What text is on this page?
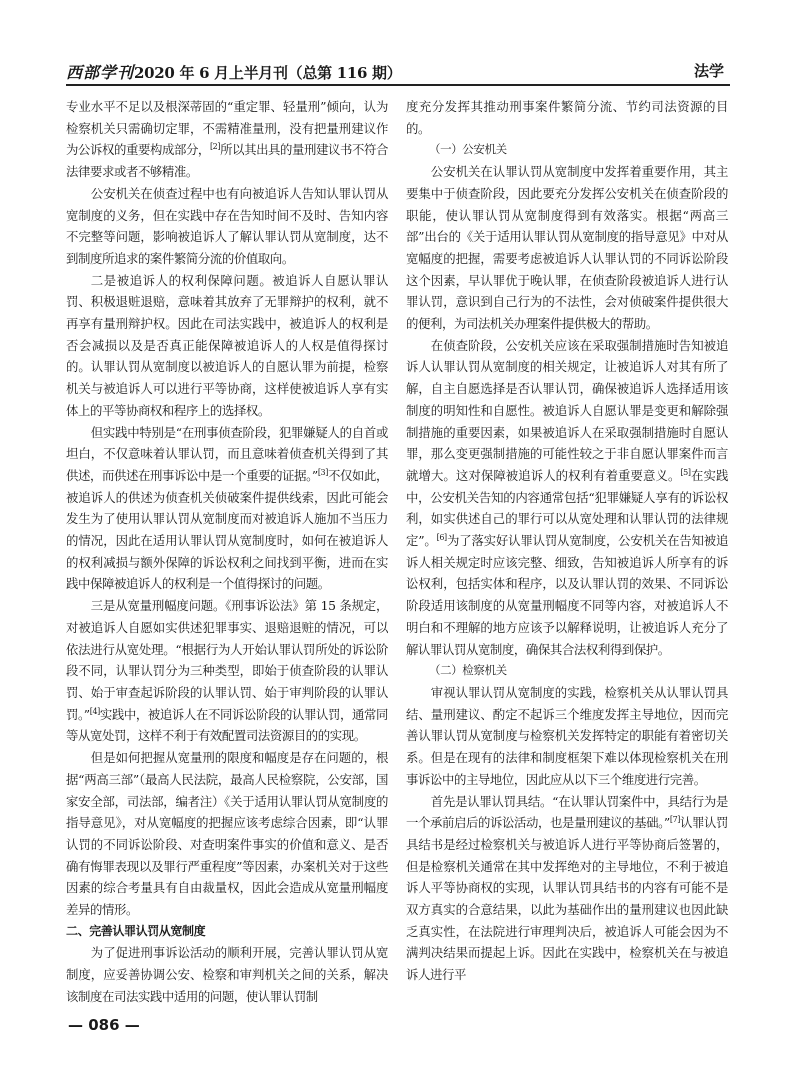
西部学刊2020 年 6 月上半月刊（总第 116 期）	法学

专业水平不足以及根深蒂固的“重定罪、轻量刑”倾向，认为检察机关只需确切定罪，不需精准量刑，没有把量刑建议作为公诉权的重要构成部分，[2]所以其出具的量刑建议书不符合法律要求或者不够精准。

公安机关在侦查过程中也有向被追诉人告知认罪认罚从宽制度的义务，但在实践中存在告知时间不及时、告知内容不完整等问题，影响被追诉人了解认罪认罚从宽制度，达不到制度所追求的案件繁简分流的价值取向。

二是被追诉人的权利保障问题。被追诉人自愿认罪认罚、积极退赃退赔，意味着其放弃了无罪辩护的权利，就不再享有量刑辩护权。因此在司法实践中，被追诉人的权利是否会减损以及是否真正能保障被追诉人的人权是值得探讨的。认罪认罚从宽制度以被追诉人的自愿认罪为前提，检察机关与被追诉人可以进行平等协商，这样使被追诉人享有实体上的平等协商权和程序上的选择权。

但实践中特别是“在刑事侦查阶段，犯罪嫌疑人的自首或坦白，不仅意味着认罪认罚，而且意味着侦查机关得到了其供述，而供述在刑事诉讼中是一个重要的证据。”[3]不仅如此，被追诉人的供述为侦查机关侦破案件提供线索，因此可能会发生为了使用认罪认罚从宽制度而对被追诉人施加不当压力的情况，因此在适用认罪认罚从宽制度时，如何在被追诉人的权利减损与额外保障的诉讼权利之间找到平衡，进而在实践中保障被追诉人的权利是一个值得探讨的问题。

三是从宽量刑幅度问题。《刑事诉讼法》第 15 条规定，对被追诉人自愿如实供述犯罪事实、退赔退赃的情况，可以依法进行从宽处理。“根据行为人开始认罪认罚所处的诉讼阶段不同，认罪认罚分为三种类型，即始于侦查阶段的认罪认罚、始于审查起诉阶段的认罪认罚、始于审判阶段的认罪认罚。”[4]实践中，被追诉人在不同诉讼阶段的认罪认罚，通常同等从宽处罚，这样不利于有效配置司法资源目的的实现。

但是如何把握从宽量刑的限度和幅度是存在问题的，根据“两高三部”（最高人民法院，最高人民检察院，公安部，国家安全部，司法部，编者注）《关于适用认罪认罚从宽制度的指导意见》，对从宽幅度的把握应该考虑综合因素，即“认罪认罚的不同诉讼阶段、对查明案件事实的价值和意义、是否确有悔罪表现以及罪行严重程度”等因素，办案机关对于这些因素的综合考量具有自由裁量权，因此会造成从宽量刑幅度差异的情形。

二、完善认罪认罚从宽制度

为了促进刑事诉讼活动的顺利开展，完善认罪认罚从宽制度，应妥善协调公安、检察和审判机关之间的关系，解决该制度在司法实践中适用的问题，使认罪认罚制

度充分发挥其推动刑事案件繁简分流、节约司法资源的目的。

（一）公安机关

公安机关在认罪认罚从宽制度中发挥着重要作用，其主要集中于侦查阶段，因此要充分发挥公安机关在侦查阶段的职能，使认罪认罚从宽制度得到有效落实。根据“两高三部”出台的《关于适用认罪认罚从宽制度的指导意见》中对从宽幅度的把握，需要考虑被追诉人认罪认罚的不同诉讼阶段这个因素，早认罪优于晚认罪，在侦查阶段被追诉人进行认罪认罚，意识到自己行为的不法性，会对侦破案件提供很大的便利，为司法机关办理案件提供极大的帮助。

在侦查阶段，公安机关应该在采取强制措施时告知被追诉人认罪认罚从宽制度的相关规定，让被追诉人对其有所了解，自主自愿选择是否认罪认罚，确保被追诉人选择适用该制度的明知性和自愿性。被追诉人自愿认罪是变更和解除强制措施的重要因素，如果被追诉人在采取强制措施时自愿认罪，那么变更强制措施的可能性较之于非自愿认罪案件而言就增大。这对保障被追诉人的权利有着重要意义。[5]在实践中，公安机关告知的内容通常包括“犯罪嫌疑人享有的诉讼权利，如实供述自己的罪行可以从宽处理和认罪认罚的法律规定”。[6]为了落实好认罪认罚从宽制度，公安机关在告知被追诉人相关规定时应该完整、细致，告知被追诉人所享有的诉讼权利，包括实体和程序，以及认罪认罚的效果、不同诉讼阶段适用该制度的从宽量刑幅度不同等内容，对被追诉人不明白和不理解的地方应该予以解释说明，让被追诉人充分了解认罪认罚从宽制度，确保其合法权利得到保护。

（二）检察机关

审视认罪认罚从宽制度的实践，检察机关从认罪认罚具结、量刑建议、酌定不起诉三个维度发挥主导地位，因而完善认罪认罚从宽制度与检察机关发挥特定的职能有着密切关系。但是在现有的法律和制度框架下难以体现检察机关在刑事诉讼中的主导地位，因此应从以下三个维度进行完善。

首先是认罪认罚具结。“在认罪认罚案件中，具结行为是一个承前启后的诉讼活动，也是量刑建议的基础。”[7]认罪认罚具结书是经过检察机关与被追诉人进行平等协商后签署的，但是检察机关通常在其中发挥绝对的主导地位，不利于被追诉人平等协商权的实现，认罪认罚具结书的内容有可能不是双方真实的合意结果，以此为基础作出的量刑建议也因此缺乏真实性，在法院进行审理判决后，被追诉人可能会因为不满判决结果而提起上诉。因此在实践中，检察机关在与被追诉人进行平

— 086 —
